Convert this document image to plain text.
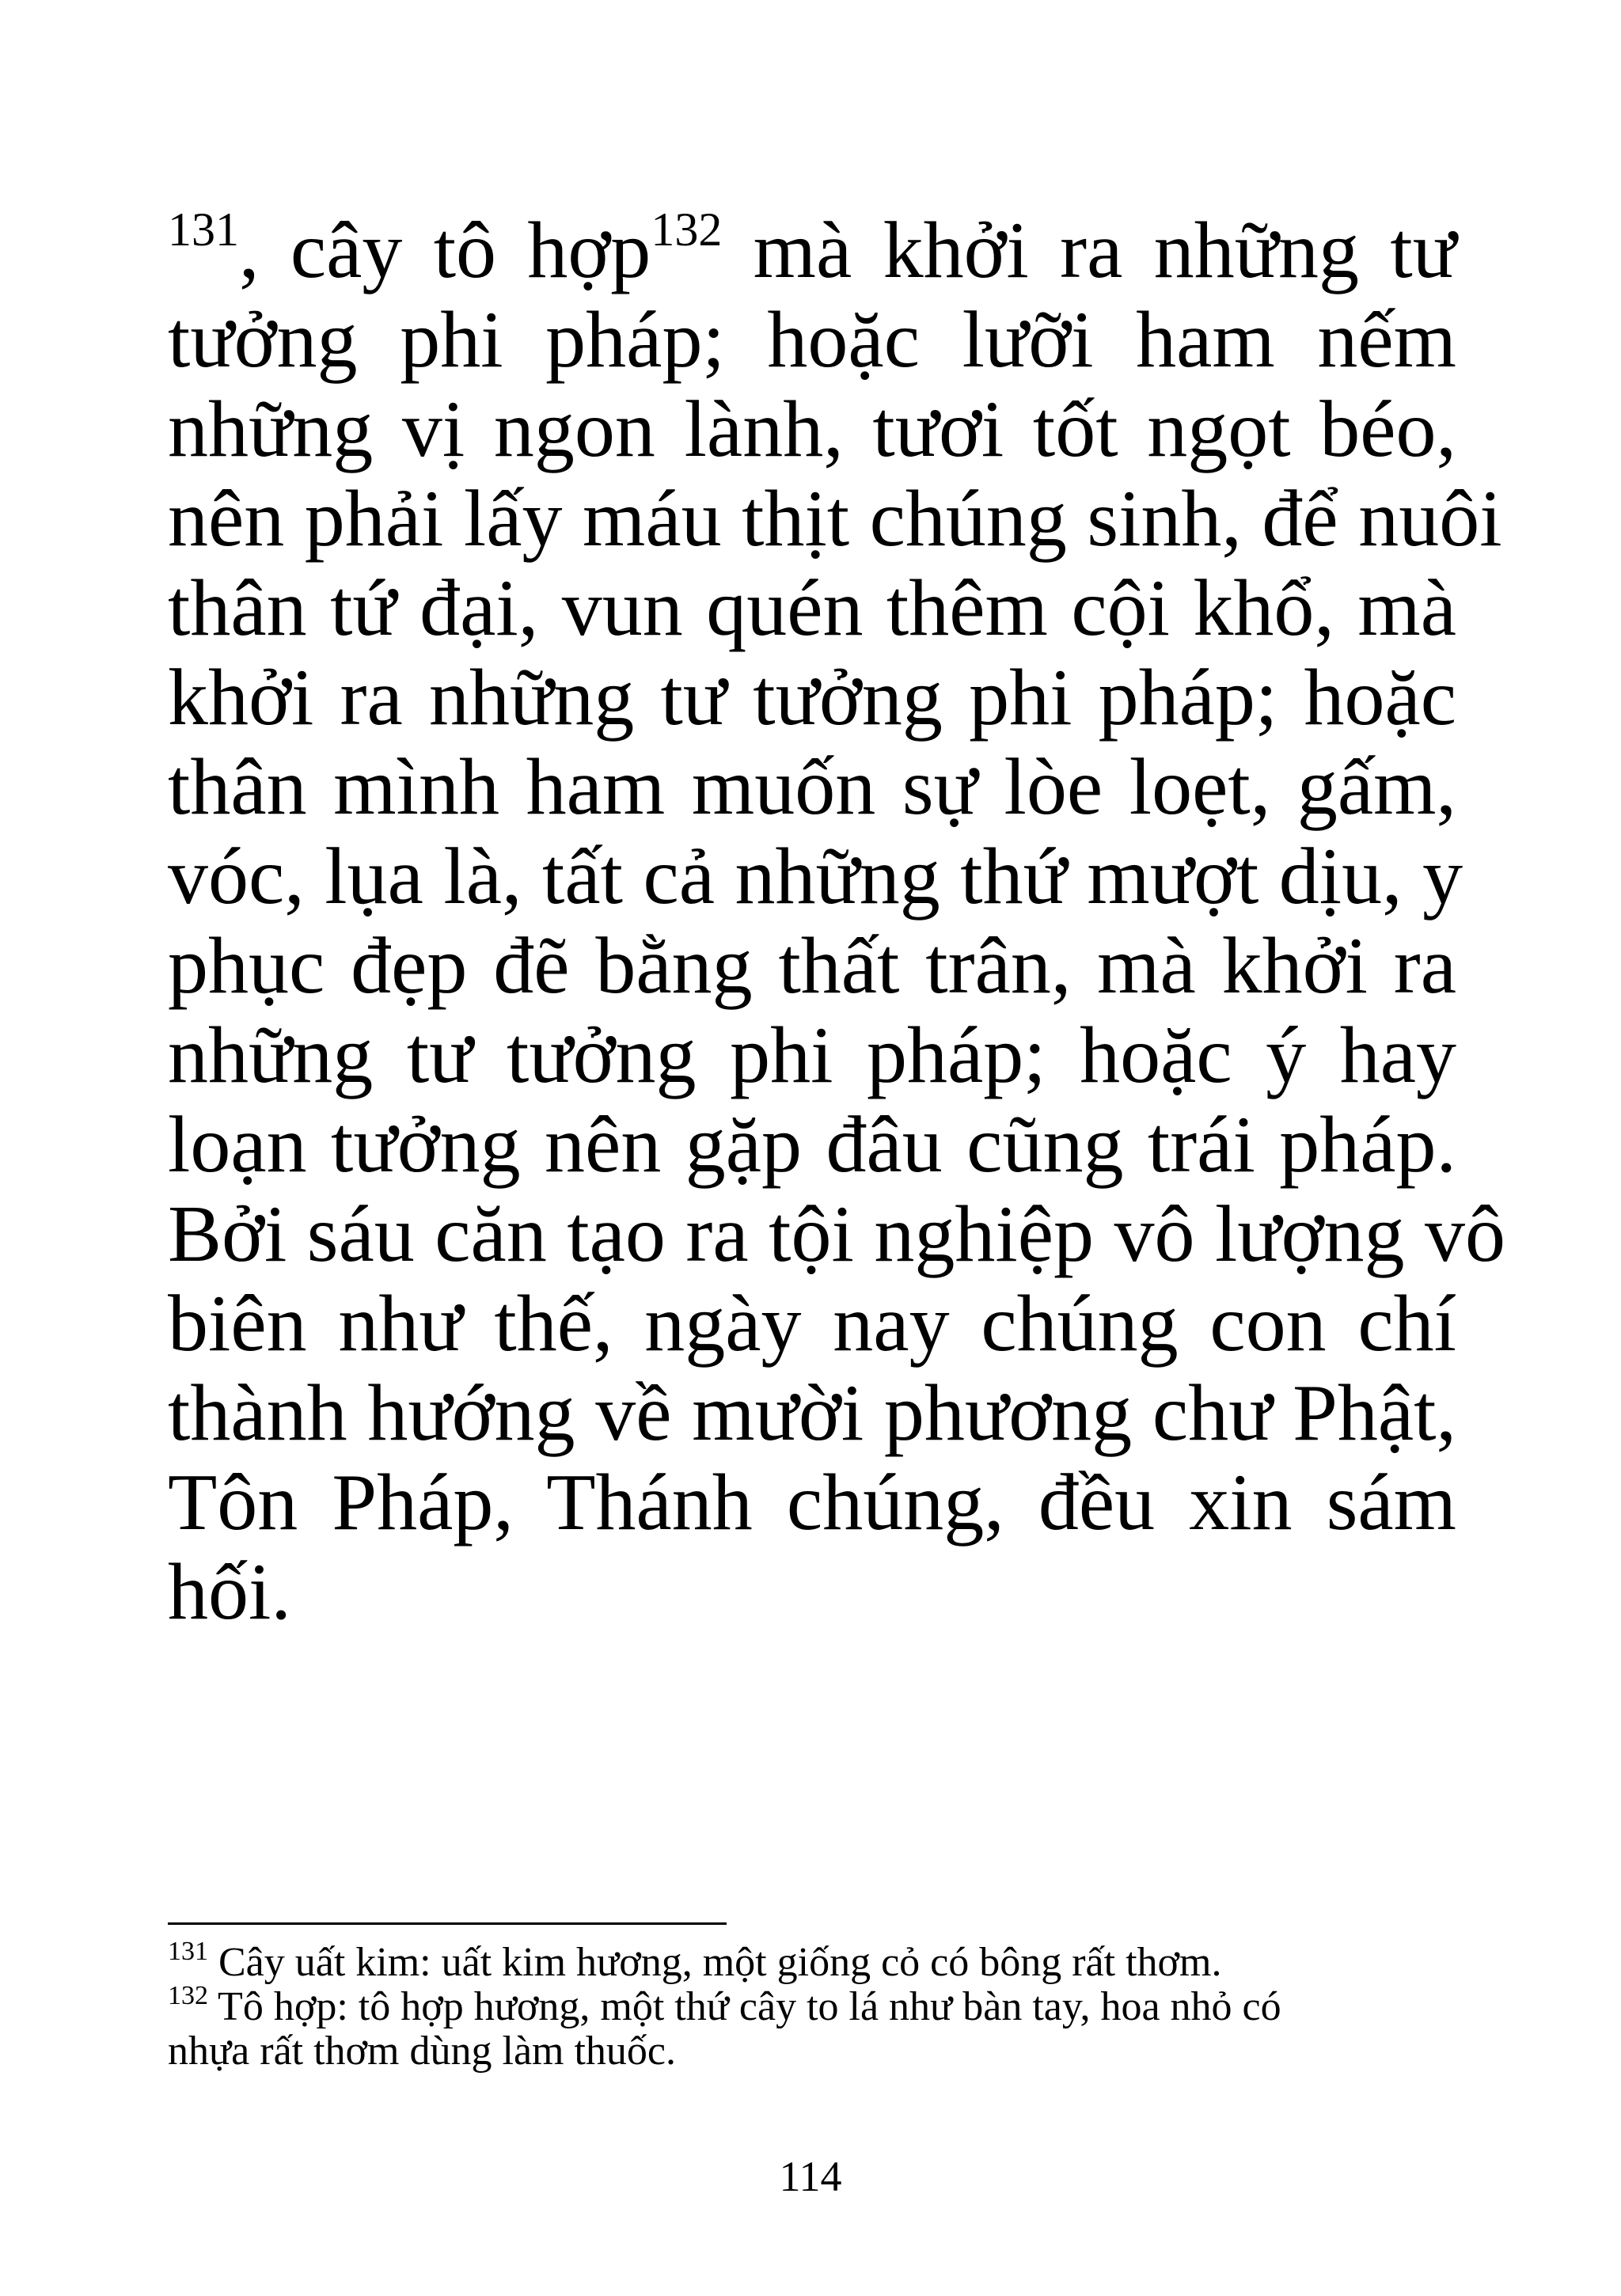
$^{131}$, cây tô hợp$^{132}$ mà khởi ra những tư
tưởng phi pháp; hoặc lưỡi ham nếm
những vị ngon lành, tươi tốt ngọt béo,
nên phải lấy máu thịt chúng sinh, để nuôi
thân tứ đại, vun quén thêm cội khổ, mà
khởi ra những tư tưởng phi pháp; hoặc
thân mình ham muốn sự lòe loẹt, gấm,
vóc, lụa là, tất cả những thứ mượt dịu, y
phục đẹp đẽ bằng thất trân, mà khởi ra
những tư tưởng phi pháp; hoặc ý hay
loạn tưởng nên gặp đâu cũng trái pháp.
Bởi sáu căn tạo ra tội nghiệp vô lượng vô
biên như thế, ngày nay chúng con chí
thành hướng về mười phương chư Phật,
Tôn Pháp, Thánh chúng, đều xin sám
hối.
$^{131}$ Cây uất kim: uất kim hương, một giống cỏ có bông rất thơm.
$^{132}$ Tô hợp: tô hợp hương, một thứ cây to lá như bàn tay, hoa nhỏ có
nhựa rất thơm dùng làm thuốc.
114
